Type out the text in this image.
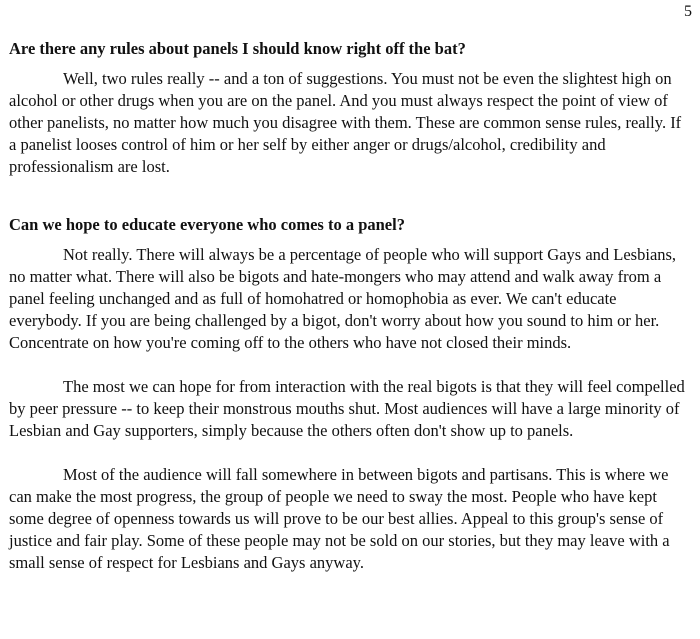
5

Are there any rules about panels I should know right off the bat?

Well, two rules really -- and a ton of suggestions. You must not be even the slightest high on alcohol or other drugs when you are on the panel. And you must always respect the point of view of other panelists, no matter how much you disagree with them. These are common sense rules, really. If a panelist looses control of him or her self by either anger or drugs/alcohol, credibility and professionalism are lost.

Can we hope to educate everyone who comes to a panel?

Not really. There will always be a percentage of people who will support Gays and Lesbians, no matter what. There will also be bigots and hate-mongers who may attend and walk away from a panel feeling unchanged and as full of homohatred or homophobia as ever. We can't educate everybody. If you are being challenged by a bigot, don't worry about how you sound to him or her. Concentrate on how you're coming off to the others who have not closed their minds.

The most we can hope for from interaction with the real bigots is that they will feel compelled by peer pressure -- to keep their monstrous mouths shut. Most audiences will have a large minority of Lesbian and Gay supporters, simply because the others often don't show up to panels.

Most of the audience will fall somewhere in between bigots and partisans. This is where we can make the most progress, the group of people we need to sway the most. People who have kept some degree of openness towards us will prove to be our best allies. Appeal to this group's sense of justice and fair play. Some of these people may not be sold on our stories, but they may leave with a small sense of respect for Lesbians and Gays anyway.
